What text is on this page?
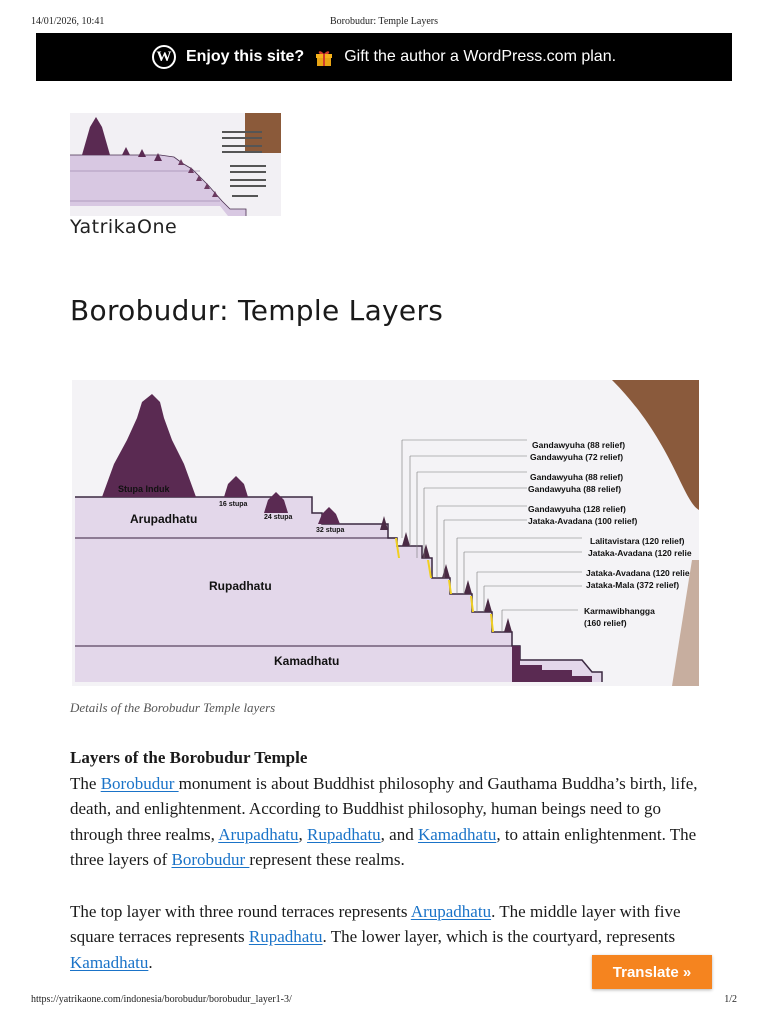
14/01/2026, 10:41	Borobudur: Temple Layers
W Enjoy this site?	Gift the author a WordPress.com plan.
YatrikaOne
Borobudur: Temple Layers
Stupa Induk
16 stupa
24 stupa
32 stupa
Arupadhatu
Rupadhatu
Kamadhatu
Gandawyuha (88 relief)
Gandawyuha (72 relief)
Gandawyuha (88 relief)
Gandawyuha (88 relief)
Gandawyuha (128 relief)
Jataka-Avadana (100 relief)
Lalitavistara (120 relief)
Jataka-Avadana (120 relie
Jataka-Avadana (120 relie
Jataka-Mala (372 relief)
Karmawibhangga
(160 relief)
Details of the Borobudur Temple layers
Layers of the Borobudur Temple

The Borobudur monument is about Buddhist philosophy and Gauthama Buddha’s birth, life, death, and enlightenment. According to Buddhist philosophy, human beings need to go through three realms, Arupadhatu, Rupadhatu, and Kamadhatu, to attain enlightenment. The three layers of Borobudur represent these realms.

The top layer with three round terraces represents Arupadhatu. The middle layer with five square terraces represents Rupadhatu. The lower layer, which is the courtyard, represents Kamadhatu.

Translate »
https://yatrikaone.com/indonesia/borobudur/borobudur_layer1-3/	1/2
